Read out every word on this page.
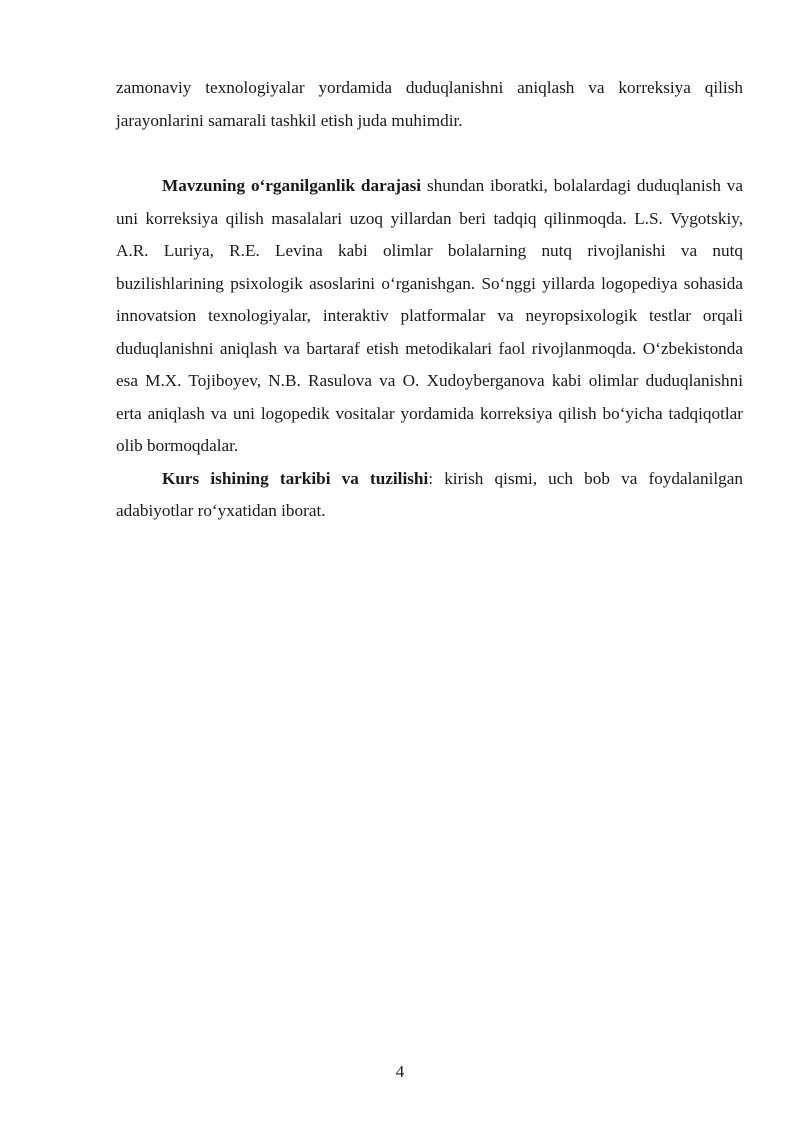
zamonaviy texnologiyalar yordamida duduqlanishni aniqlash va korreksiya qilish jarayonlarini samarali tashkil etish juda muhimdir.

Mavzuning o‘rganilganlik darajasi shundan iboratki, bolalardagi duduqlanish va uni korreksiya qilish masalalari uzoq yillardan beri tadqiq qilinmoqda. L.S. Vygotskiy, A.R. Luriya, R.E. Levina kabi olimlar bolalarning nutq rivojlanishi va nutq buzilishlarining psixologik asoslarini o‘rganishgan. So‘nggi yillarda logopediya sohasida innovatsion texnologiyalar, interaktiv platformalar va neyropsixologik testlar orqali duduqlanishni aniqlash va bartaraf etish metodikalari faol rivojlanmoqda. O‘zbekistonda esa M.X. Tojiboyev, N.B. Rasulova va O. Xudoyberganova kabi olimlar duduqlanishni erta aniqlash va uni logopedik vositalar yordamida korreksiya qilish bo‘yicha tadqiqotlar olib bormoqdalar.

Kurs ishining tarkibi va tuzilishi: kirish qismi, uch bob va foydalanilgan adabiyotlar ro‘yxatidan iborat.

4
